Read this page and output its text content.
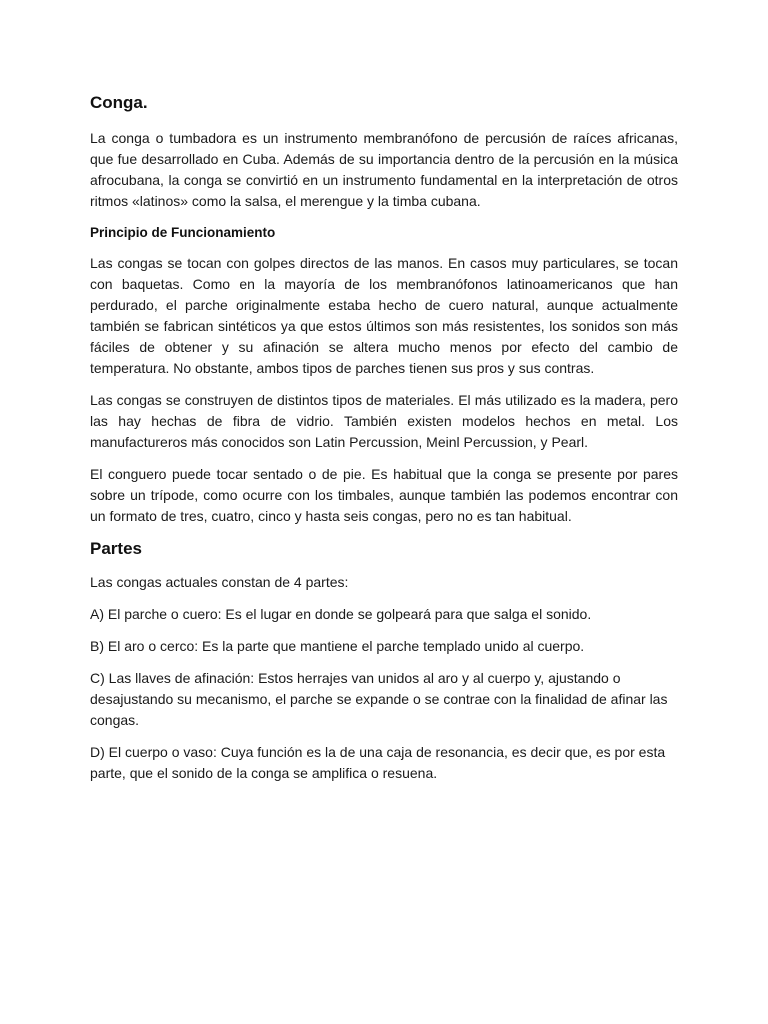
Conga.

La conga o tumbadora es un instrumento membranófono de percusión de raíces africanas, que fue desarrollado en Cuba. Además de su importancia dentro de la percusión en la música afrocubana, la conga se convirtió en un instrumento fundamental en la interpretación de otros ritmos «latinos» como la salsa, el merengue y la timba cubana.

Principio de Funcionamiento

Las congas se tocan con golpes directos de las manos. En casos muy particulares, se tocan con baquetas. Como en la mayoría de los membranófonos latinoamericanos que han perdurado, el parche originalmente estaba hecho de cuero natural, aunque actualmente también se fabrican sintéticos ya que estos últimos son más resistentes, los sonidos son más fáciles de obtener y su afinación se altera mucho menos por efecto del cambio de temperatura. No obstante, ambos tipos de parches tienen sus pros y sus contras.

Las congas se construyen de distintos tipos de materiales. El más utilizado es la madera, pero las hay hechas de fibra de vidrio. También existen modelos hechos en metal. Los manufactureros más conocidos son Latin Percussion, Meinl Percussion, y Pearl.

El conguero puede tocar sentado o de pie. Es habitual que la conga se presente por pares sobre un trípode, como ocurre con los timbales, aunque también las podemos encontrar con un formato de tres, cuatro, cinco y hasta seis congas, pero no es tan habitual.

Partes

Las congas actuales constan de 4 partes:

A) El parche o cuero: Es el lugar en donde se golpeará para que salga el sonido.

B) El aro o cerco: Es la parte que mantiene el parche templado unido al cuerpo.

C) Las llaves de afinación: Estos herrajes van unidos al aro y al cuerpo y, ajustando o desajustando su mecanismo, el parche se expande o se contrae con la finalidad de afinar las congas.

D) El cuerpo o vaso: Cuya función es la de una caja de resonancia, es decir que, es por esta parte, que el sonido de la conga se amplifica o resuena.
